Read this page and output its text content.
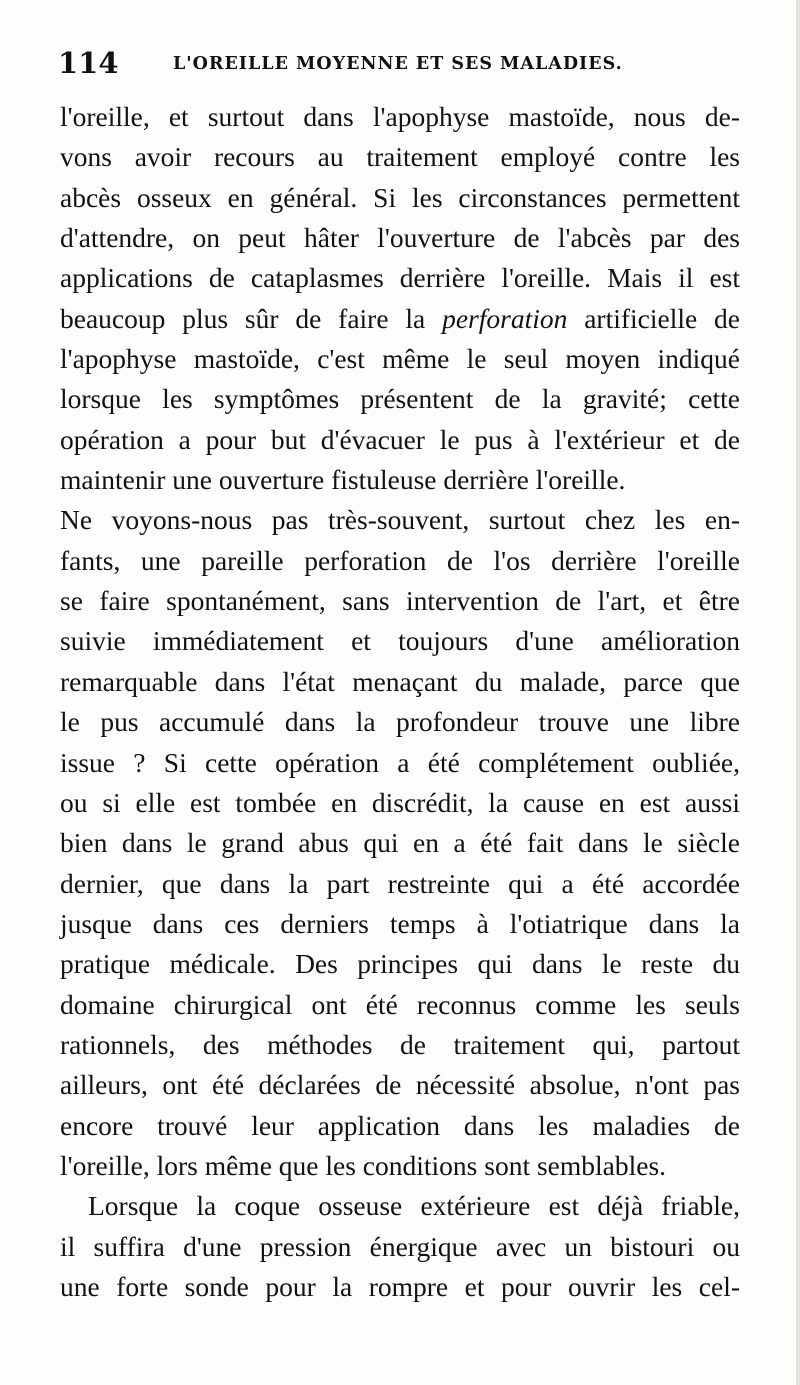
114	L'OREILLE MOYENNE ET SES MALADIES.
l'oreille, et surtout dans l'apophyse mastoïde, nous de-
vons avoir recours au traitement employé contre les
abcès osseux en général. Si les circonstances permettent
d'attendre, on peut hâter l'ouverture de l'abcès par des
applications de cataplasmes derrière l'oreille. Mais il est
beaucoup plus sûr de faire la perforation artificielle de
l'apophyse mastoïde, c'est même le seul moyen indiqué
lorsque les symptômes présentent de la gravité; cette
opération a pour but d'évacuer le pus à l'extérieur et de
maintenir une ouverture fistuleuse derrière l'oreille.
Ne voyons-nous pas très-souvent, surtout chez les en-
fants, une pareille perforation de l'os derrière l'oreille
se faire spontanément, sans intervention de l'art, et être
suivie immédiatement et toujours d'une amélioration
remarquable dans l'état menaçant du malade, parce que
le pus accumulé dans la profondeur trouve une libre
issue ? Si cette opération a été complétement oubliée,
ou si elle est tombée en discrédit, la cause en est aussi
bien dans le grand abus qui en a été fait dans le siècle
dernier, que dans la part restreinte qui a été accordée
jusque dans ces derniers temps à l'otiatrique dans la
pratique médicale. Des principes qui dans le reste du
domaine chirurgical ont été reconnus comme les seuls
rationnels, des méthodes de traitement qui, partout
ailleurs, ont été déclarées de nécessité absolue, n'ont pas
encore trouvé leur application dans les maladies de
l'oreille, lors même que les conditions sont semblables.
Lorsque la coque osseuse extérieure est déjà friable,
il suffira d'une pression énergique avec un bistouri ou
une forte sonde pour la rompre et pour ouvrir les cel-
